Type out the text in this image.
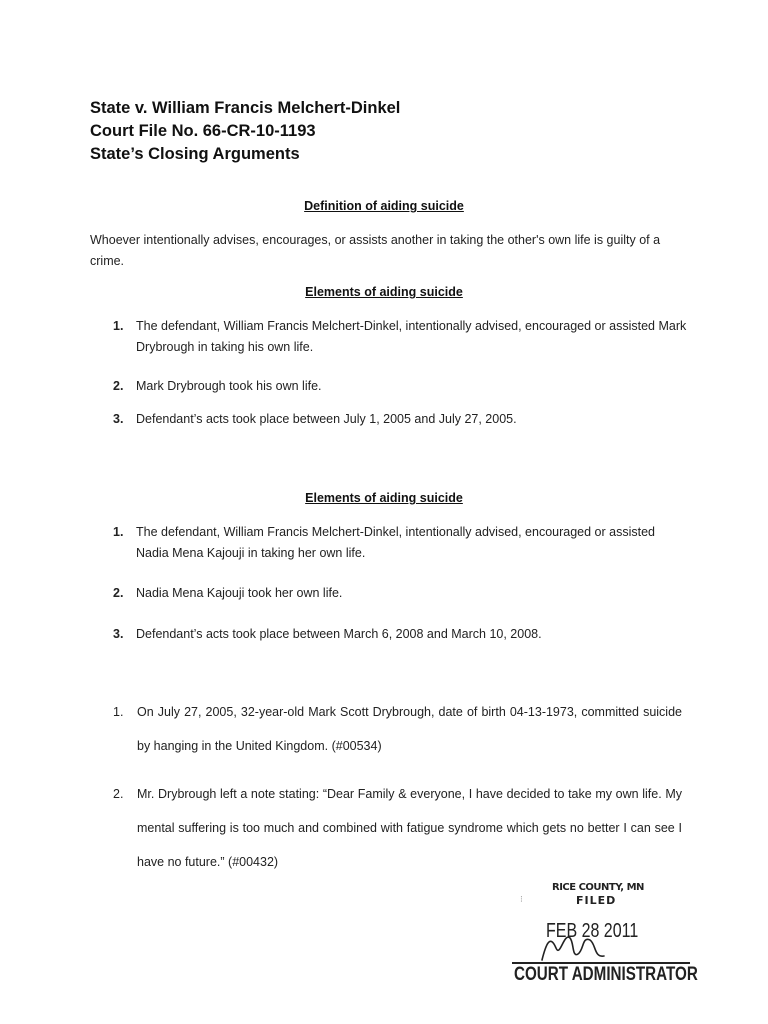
State v. William Francis Melchert-Dinkel
Court File No. 66-CR-10-1193
State’s Closing Arguments
Definition of aiding suicide
Whoever intentionally advises, encourages, or assists another in taking the other's own life is guilty of a crime.
Elements of aiding suicide
1. The defendant, William Francis Melchert-Dinkel, intentionally advised, encouraged or assisted Mark Drybrough in taking his own life.
2. Mark Drybrough took his own life.
3. Defendant’s acts took place between July 1, 2005 and July 27, 2005.
Elements of aiding suicide
1. The defendant, William Francis Melchert-Dinkel, intentionally advised, encouraged or assisted Nadia Mena Kajouji in taking her own life.
2. Nadia Mena Kajouji took her own life.
3. Defendant’s acts took place between March 6, 2008 and March 10, 2008.
1. On July 27, 2005, 32-year-old Mark Scott Drybrough, date of birth 04-13-1973, committed suicide by hanging in the United Kingdom. (#00534)
2. Mr. Drybrough left a note stating: “Dear Family & everyone, I have decided to take my own life. My mental suffering is too much and combined with fatigue syndrome which gets no better I can see I have no future.” (#00432)
⁝
RICE COUNTY, MN
FILED
FEB 28 2011
COURT ADMINISTRATOR
